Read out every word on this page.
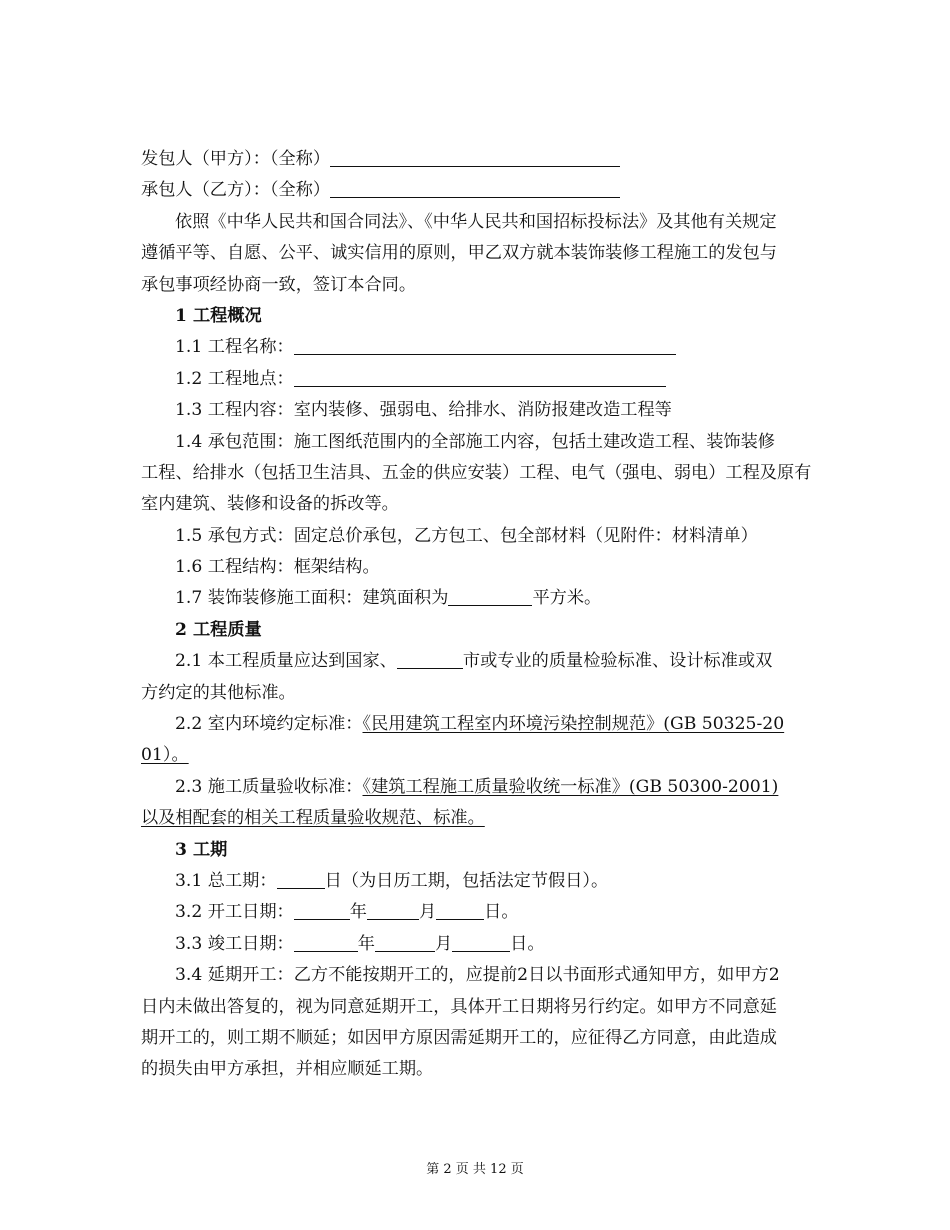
发包人（甲方）：（全称）
承包人（乙方）：（全称）
依照《中华人民共和国合同法》、《中华人民共和国招标投标法》及其他有关规定
遵循平等、自愿、公平、诚实信用的原则，甲乙双方就本装饰装修工程施工的发包与
承包事项经协商一致，签订本合同。
1 工程概况
1.1 工程名称：
1.2 工程地点：
1.3 工程内容：室内装修、强弱电、给排水、消防报建改造工程等
1.4 承包范围：施工图纸范围内的全部施工内容，包括土建改造工程、装饰装修
工程、给排水（包括卫生洁具、五金的供应安装）工程、电气（强电、弱电）工程及原有
室内建筑、装修和设备的拆改等。
1.5 承包方式：固定总价承包，乙方包工、包全部材料（见附件：材料清单）
1.6 工程结构：框架结构。
1.7 装饰装修施工面积：建筑面积为	平方米。
2 工程质量
2.1 本工程质量应达到国家、	市或专业的质量检验标准、设计标准或双
方约定的其他标准。
2.2 室内环境约定标准：《民用建筑工程室内环境污染控制规范》(GB 50325-20
01）。
2.3 施工质量验收标准：《建筑工程施工质量验收统一标准》(GB 50300-2001)
以及相配套的相关工程质量验收规范、标准。
3 工期
3.1 总工期：	日（为日历工期，包括法定节假日）。
3.2 开工日期：	年	月	日。
3.3 竣工日期：	年	月	日。
3.4 延期开工：乙方不能按期开工的，应提前2日以书面形式通知甲方，如甲方2
日内未做出答复的，视为同意延期开工，具体开工日期将另行约定。如甲方不同意延
期开工的，则工期不顺延；如因甲方原因需延期开工的，应征得乙方同意，由此造成
的损失由甲方承担，并相应顺延工期。
第 2 页 共 12 页
